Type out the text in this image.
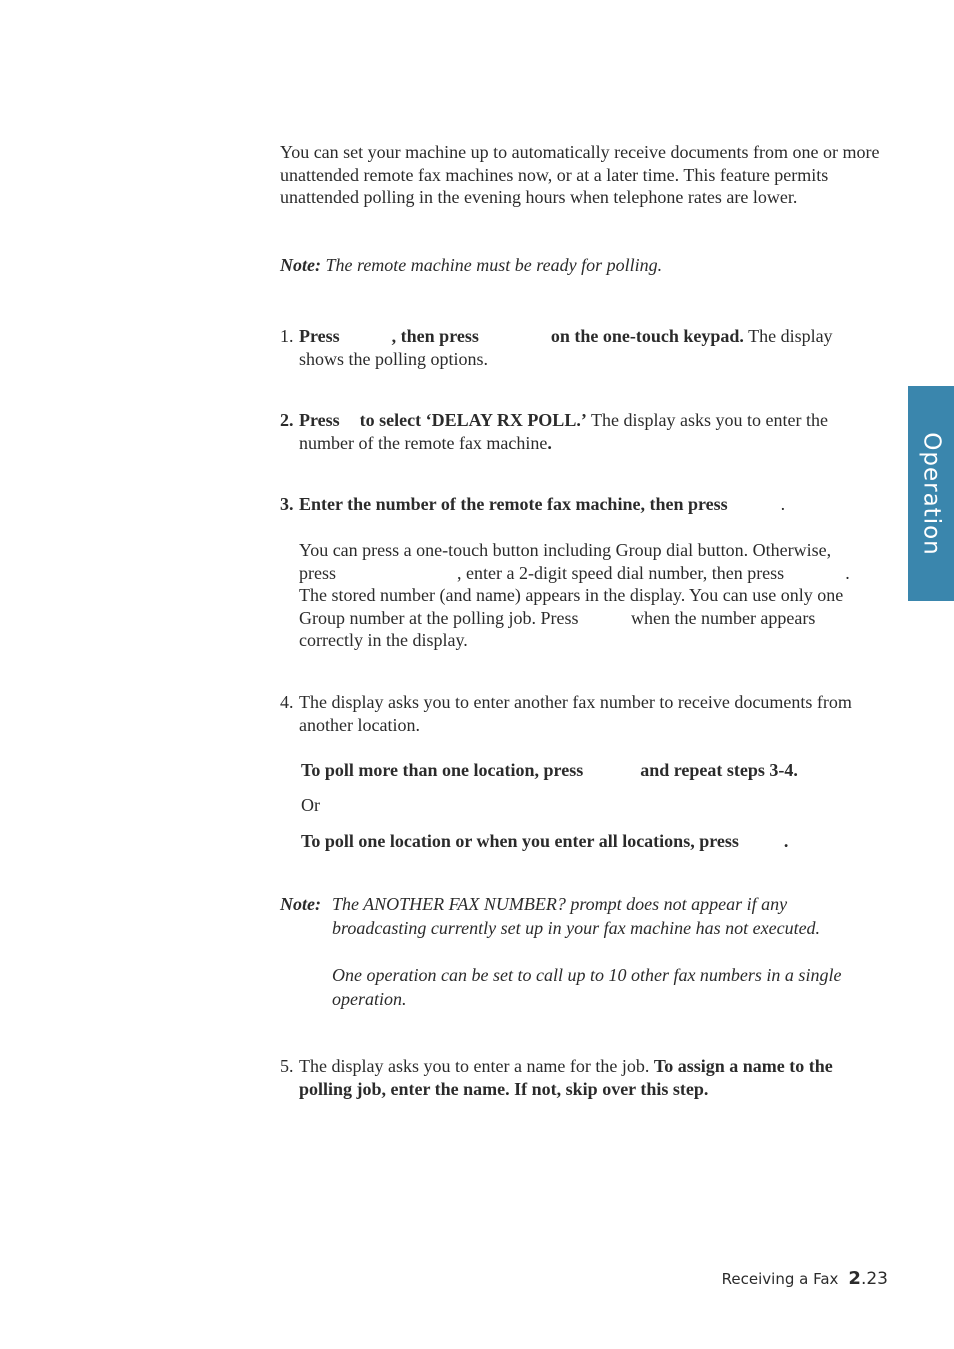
You can set your machine up to automatically receive documents from one or more unattended remote fax machines now, or at a later time. This feature permits unattended polling in the evening hours when telephone rates are lower.

Note: The remote machine must be ready for polling.

1. Press	, then press	on the one-touch keypad. The display shows the polling options.

2. Press to select ‘DELAY RX POLL.’ The display asks you to enter the number of the remote fax machine.

3. Enter the number of the remote fax machine, then press	.

You can press a one-touch button including Group dial button. Otherwise, press	, enter a 2-digit speed dial number, then press	. The stored number (and name) appears in the display. You can use only one Group number at the polling job. Press	when the number appears correctly in the display.

4. The display asks you to enter another fax number to receive documents from another location.

To poll more than one location, press	and repeat steps 3-4.

Or

To poll one location or when you enter all locations, press	.

Note: The ANOTHER FAX NUMBER? prompt does not appear if any broadcasting currently set up in your fax machine has not executed.

One operation can be set to call up to 10 other fax numbers in a single operation.

5. The display asks you to enter a name for the job. To assign a name to the polling job, enter the name. If not, skip over this step.

Operation
Receiving a Fax 2.23
